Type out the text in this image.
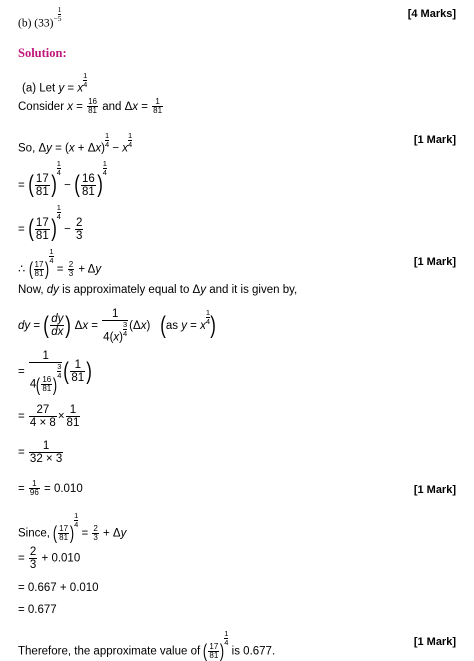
(b) $(33)- \frac{1}{5}$	[4 Marks]
Solution:
(a) Let y = x
$\frac{1}{4}$
Consider $x = \frac{16}{81}$ and $\Delta x = \frac{1}{81}$
So, Δy = (x + Δx)
$\frac{1}{4}$
− x
$\frac{1}{4}$	[1 Mark]
= ( $\frac{17}{81}$ )
$\frac{1}{4}$
− ( $\frac{16}{81}$ )
$\frac{1}{4}$
= ( $\frac{17}{81}$ )
$\frac{1}{4}$
− $\frac{2}{3}$
∴ ( $\frac{17}{81}$ )
$\frac{1}{4}$
= $\frac{2}{3} + \Delta y$
[1 Mark]
Now, dy is approximately equal to Δy and it is given by,
dy = ( $\frac{dy}{dx}$ ) Δx = 1
4(x)
$\frac{3}{4} (\Delta x)$   (as y = x
$\frac{1}{4}$ )
= 1
$4( \frac{16}{81}$ )
$\frac{3}{4}$ ( $\frac{1}{81}$ )
= $\frac{27}{4 \times 8} \times \frac{1}{81}$
= $\frac{1}{32 \times 3}$
= $\frac{1}{96} = 0.010$	[1 Mark]
Since, ( $\frac{17}{81}$ )
$\frac{1}{4}$
= $\frac{2}{3} + \Delta y$
= $\frac{2}{3} + 0.010$
= 0.667 + 0.010
= 0.677
Therefore, the approximate value of ( $\frac{17}{81}$ )
$\frac{1}{4}$
is 0.677.
[1 Mark]
